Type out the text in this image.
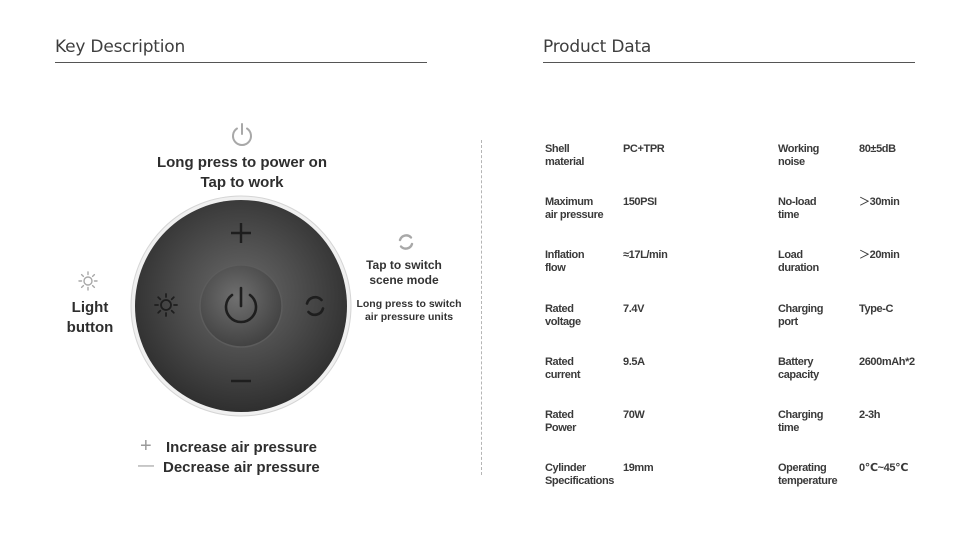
Key Description	Product Data
Long press to power on
Tap to work
Light
button
Tap to switch
scene mode
Long press to switch
air pressure units
+ Increase air pressure
— Decrease air pressure
Shell
material
PC+TPR
Maximum
air pressure
150PSI
Inflation
flow
≈17L/min
Rated
voltage
7.4V
Rated
current
9.5A
Rated
Power
70W
Cylinder
Specifications
19mm
Working
noise
80±5dB
No-load
time
＞30min
Load
duration
＞20min
Charging
port
Type-C
Battery
capacity
2600mAh*2
Charging
time
2-3h
Operating
temperature
0℃~45℃
